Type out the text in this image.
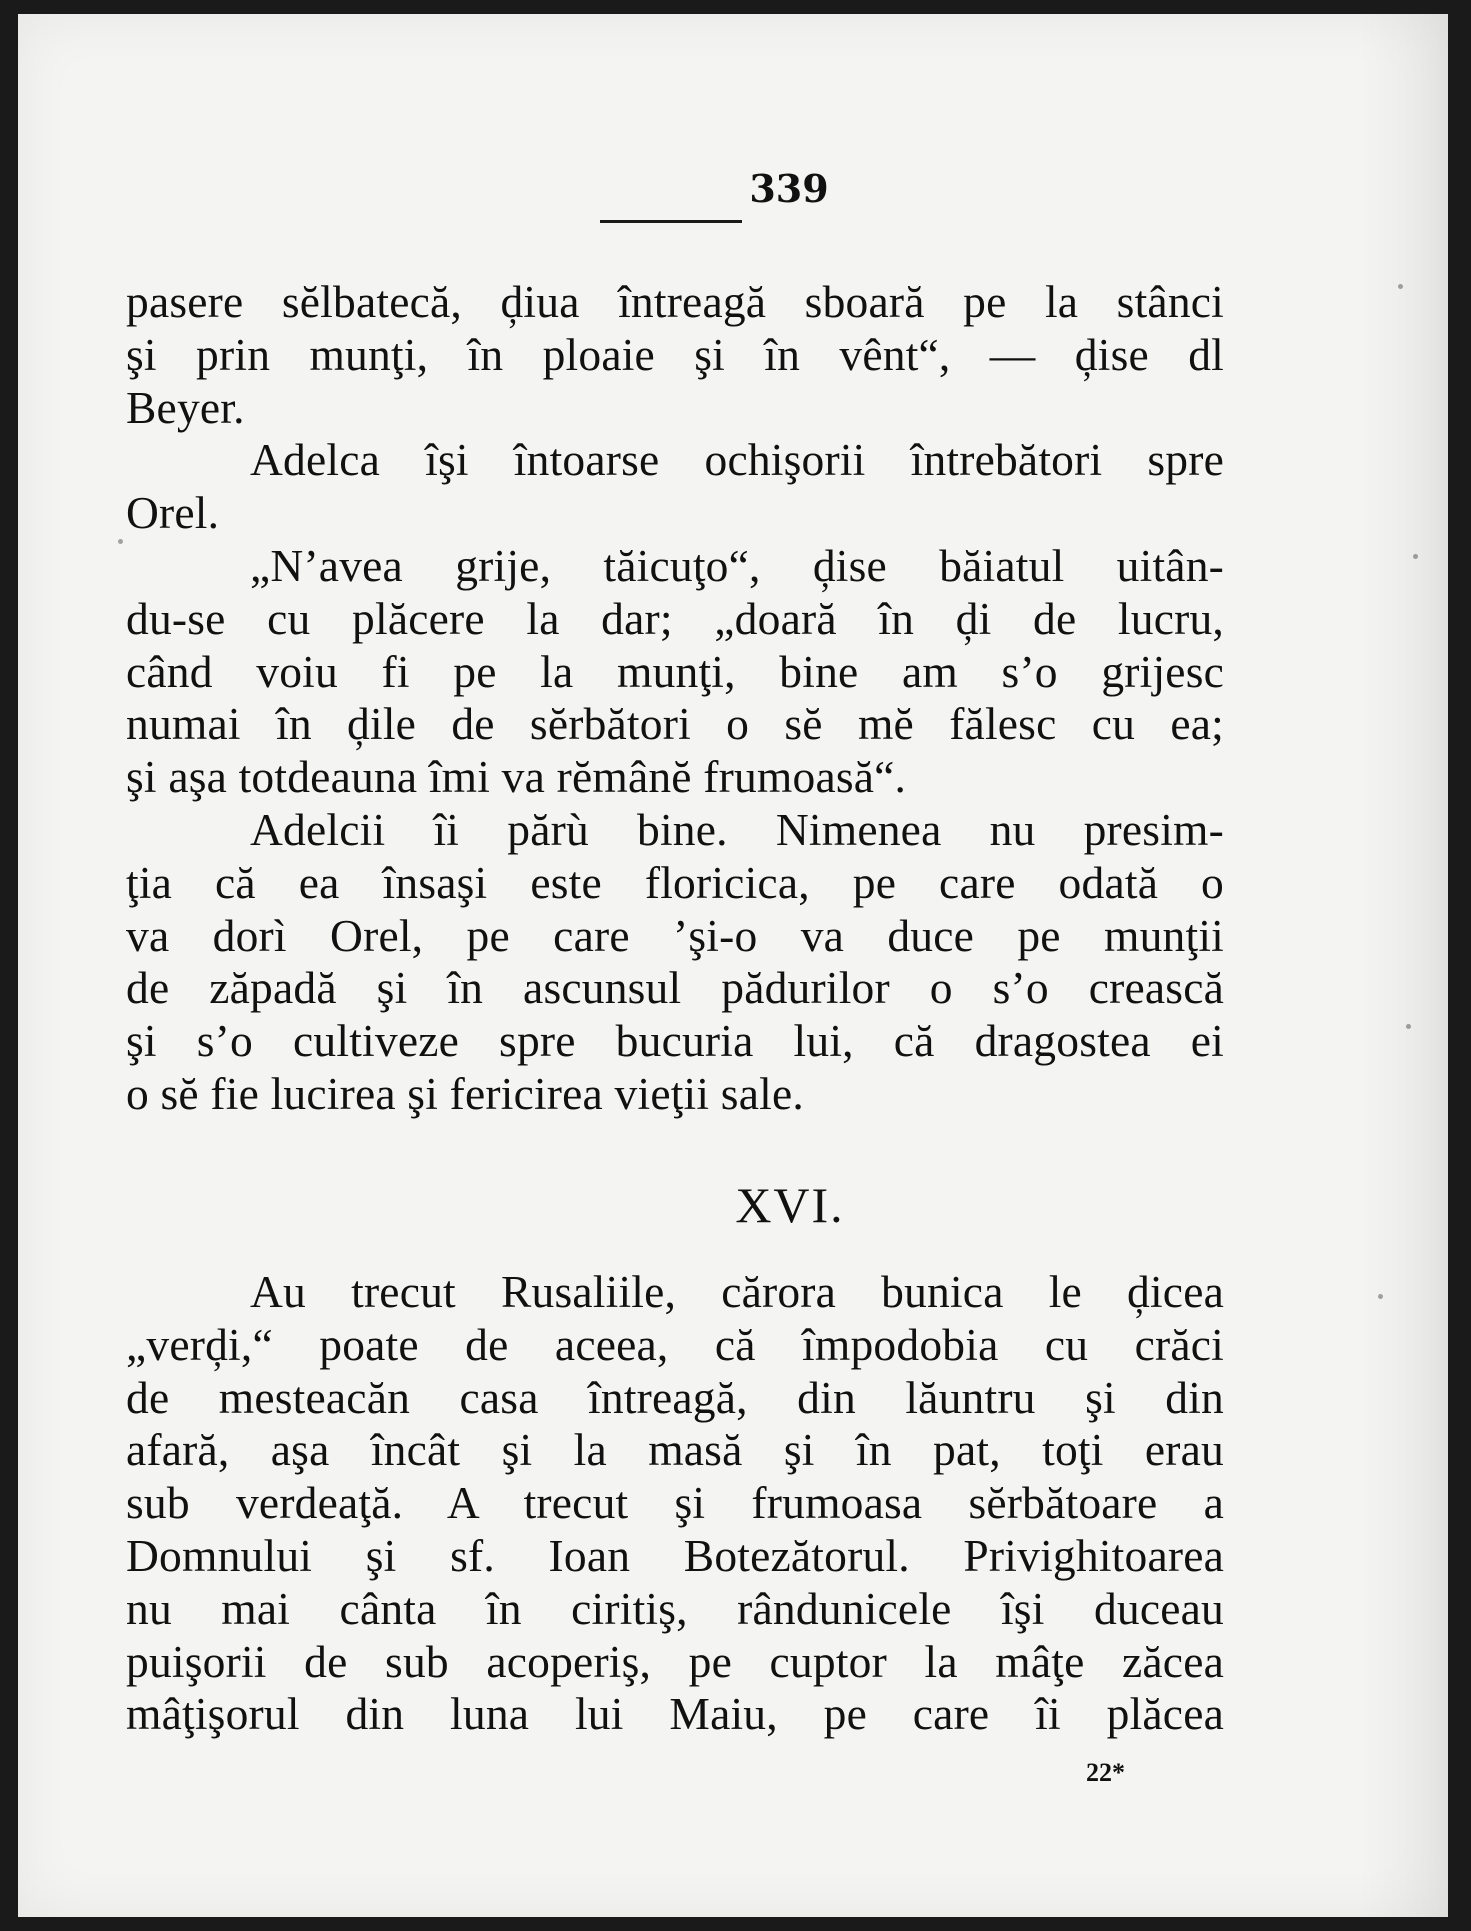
339
pasere sĕlbatecă, ḑiua întreagă sboară pe la stânci
şi prin munţi, în ploaie şi în vênt“, — ḑise dl
Beyer.
Adelca îşi întoarse ochişorii întrebători spre
Orel.
„N’avea grije, tăicuţo“, ḑise băiatul uitân-
du-se cu plăcere la dar; „doară în ḑi de lucru,
când voiu fi pe la munţi, bine am s’o grijesc
numai în ḑile de sĕrbători o sĕ mĕ fălesc cu ea;
şi aşa totdeauna îmi va rĕmânĕ frumoasă“.
Adelcii îi părù bine. Nimenea nu presim-
ţia că ea însaşi este floricica, pe care odată o
va dorì Orel, pe care ’şi-o va duce pe munţii
de zăpadă şi în ascunsul pădurilor o s’o crească
şi s’o cultiveze spre bucuria lui, că dragostea ei
o sĕ fie lucirea şi fericirea vieţii sale.
XVI.
Au trecut Rusaliile, cărora bunica le ḑicea
„verḑi,“ poate de aceea, că împodobia cu crăci
de mesteacăn casa întreagă, din lăuntru şi din
afară, aşa încât şi la masă şi în pat, toţi erau
sub verdeaţă. A trecut şi frumoasa sĕrbătoare a
Domnului şi sf. Ioan Botezătorul. Privighitoarea
nu mai cânta în ciritiş, rândunicele îşi duceau
puişorii de sub acoperiş, pe cuptor la mâţe zăcea
mâţişorul din luna lui Maiu, pe care îi plăcea
22*
